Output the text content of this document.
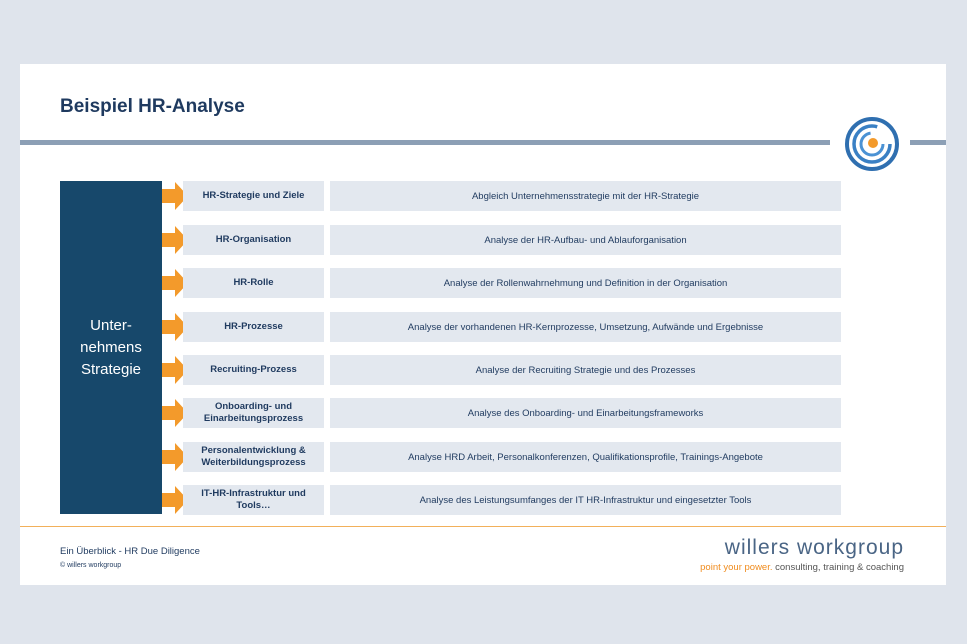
Beispiel HR-Analyse
Unter-
nehmens
Strategie
HR-Strategie und Ziele	Abgleich Unternehmensstrategie mit der HR-Strategie
HR-Organisation	Analyse der HR-Aufbau- und Ablauforganisation
HR-Rolle	Analyse der Rollenwahrnehmung und Definition in der Organisation
HR-Prozesse	Analyse der vorhandenen HR-Kernprozesse, Umsetzung, Aufwände und Ergebnisse
Recruiting-Prozess	Analyse der Recruiting Strategie und des Prozesses
Onboarding- und Einarbeitungsprozess	Analyse des Onboarding- und Einarbeitungsframeworks
Personalentwicklung & Weiterbildungsprozess	Analyse HRD Arbeit, Personalkonferenzen, Qualifikationsprofile, Trainings-Angebote
IT-HR-Infrastruktur und Tools…	Analyse des Leistungsumfanges der IT HR-Infrastruktur und eingesetzter Tools
Ein Überblick - HR Due Diligence
© willers workgroup
willers workgroup
point your power. consulting, training & coaching
